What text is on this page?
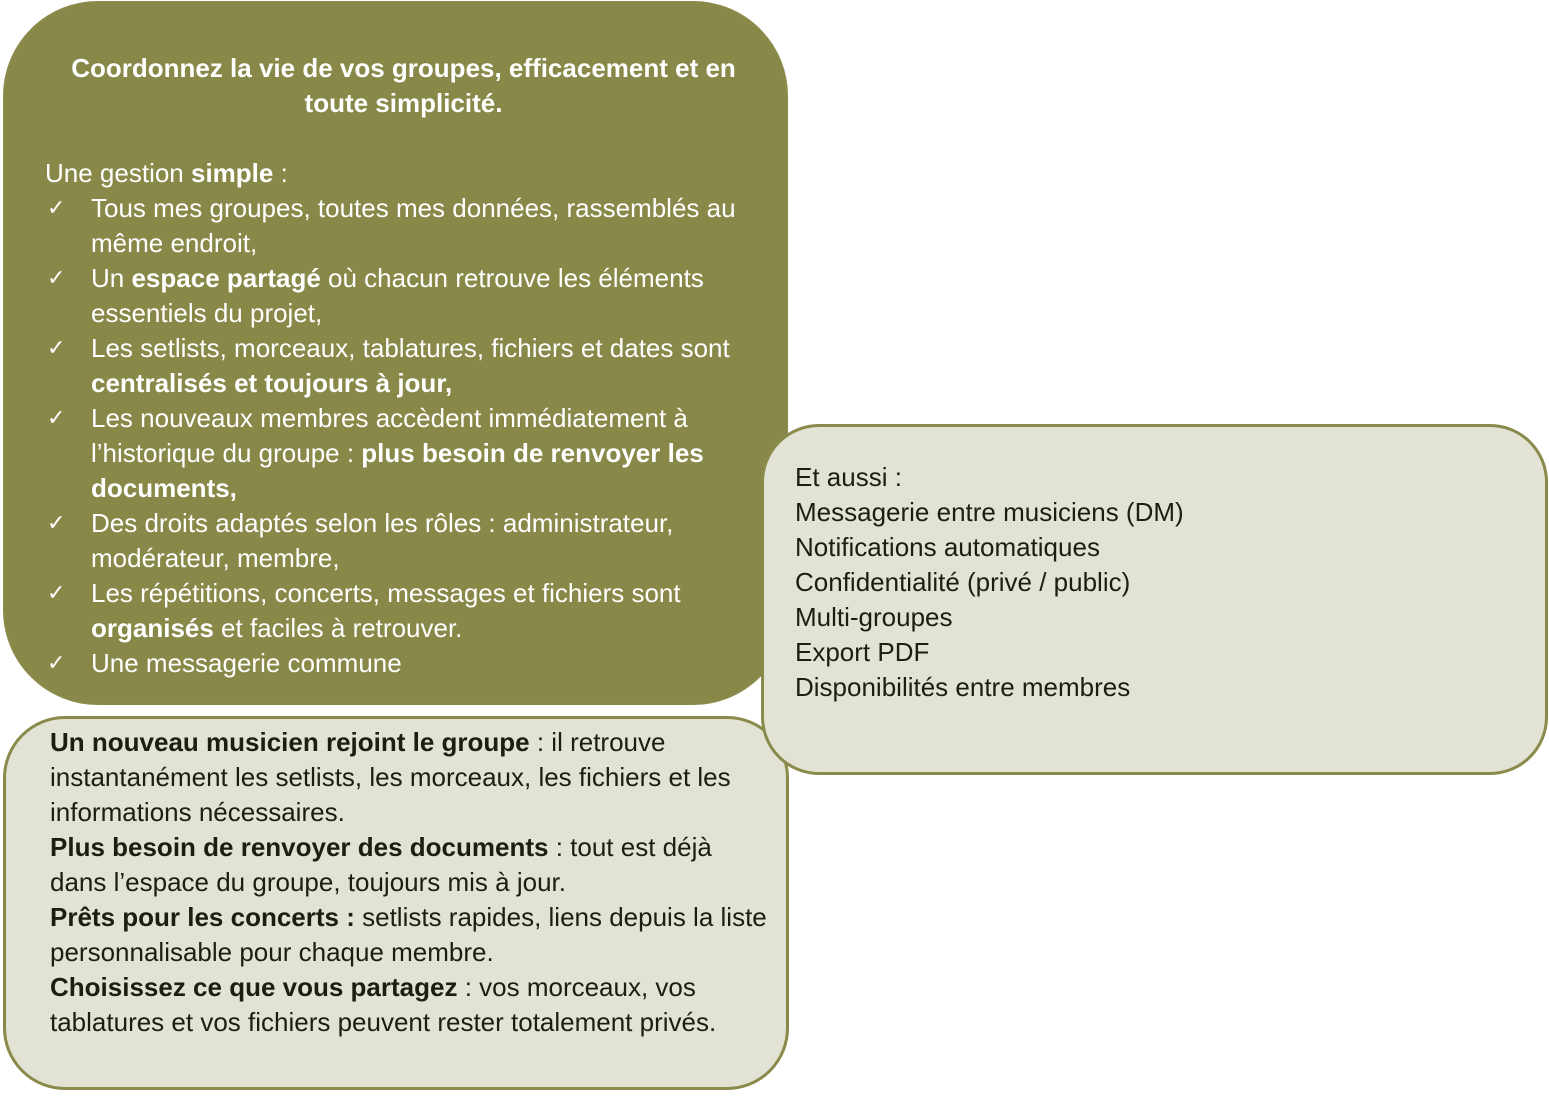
Coordonnez la vie de vos groupes, efficacement et en toute simplicité.

Une gestion simple :

✓ Tous mes groupes, toutes mes données, rassemblés au même endroit,
✓ Un espace partagé où chacun retrouve les éléments essentiels du projet,
✓ Les setlists, morceaux, tablatures, fichiers et dates sont centralisés et toujours à jour,
✓ Les nouveaux membres accèdent immédiatement à l’historique du groupe : plus besoin de renvoyer les documents,
✓ Des droits adaptés selon les rôles : administrateur, modérateur, membre,
✓ Les répétitions, concerts, messages et fichiers sont organisés et faciles à retrouver.
✓ Une messagerie commune

Un nouveau musicien rejoint le groupe : il retrouve instantanément les setlists, les morceaux, les fichiers et les informations nécessaires.

Plus besoin de renvoyer des documents : tout est déjà dans l’espace du groupe, toujours mis à jour.

Prêts pour les concerts : setlists rapides, liens depuis la liste personnalisable pour chaque membre.

Choisissez ce que vous partagez : vos morceaux, vos tablatures et vos fichiers peuvent rester totalement privés.

Et aussi :

Messagerie entre musiciens (DM)

Notifications automatiques

Confidentialité (privé / public)

Multi-groupes

Export PDF

Disponibilités entre membres
